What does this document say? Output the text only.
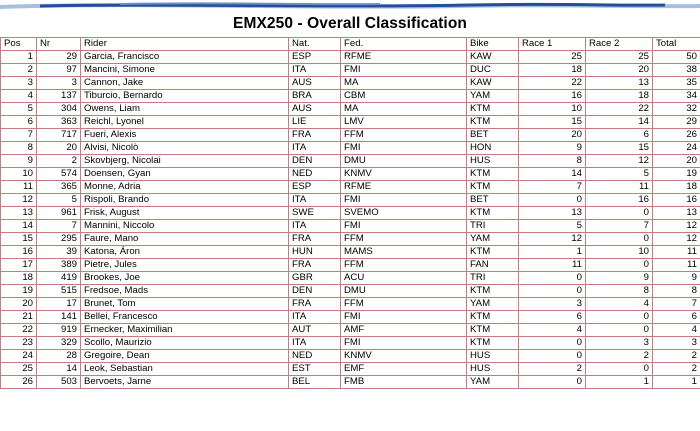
EMX250 - Overall Classification
Pos	Nr	Rider	Nat.	Fed.	Bike	Race 1	Race 2	Total
1	29	Garcia, Francisco	ESP	RFME	KAW	25	25	50
2	97	Mancini, Simone	ITA	FMI	DUC	18	20	38
3	3	Cannon, Jake	AUS	MA	KAW	22	13	35
4	137	Tiburcio, Bernardo	BRA	CBM	YAM	16	18	34
5	304	Owens, Liam	AUS	MA	KTM	10	22	32
6	363	Reichl, Lyonel	LIE	LMV	KTM	15	14	29
7	717	Fueri, Alexis	FRA	FFM	BET	20	6	26
8	20	Alvisi, Nicolò	ITA	FMI	HON	9	15	24
9	2	Skovbjerg, Nicolai	DEN	DMU	HUS	8	12	20
10	574	Doensen, Gyan	NED	KNMV	KTM	14	5	19
11	365	Monne, Adria	ESP	RFME	KTM	7	11	18
12	5	Rispoli, Brando	ITA	FMI	BET	0	16	16
13	961	Frisk, August	SWE	SVEMO	KTM	13	0	13
14	7	Mannini, Niccolo	ITA	FMI	TRI	5	7	12
15	295	Faure, Mano	FRA	FFM	YAM	12	0	12
16	39	Katona, Áron	HUN	MAMS	KTM	1	10	11
17	389	Pietre, Jules	FRA	FFM	FAN	11	0	11
18	419	Brookes, Joe	GBR	ACU	TRI	0	9	9
19	515	Fredsoe, Mads	DEN	DMU	KTM	0	8	8
20	17	Brunet, Tom	FRA	FFM	YAM	3	4	7
21	141	Bellei, Francesco	ITA	FMI	KTM	6	0	6
22	919	Ernecker, Maximilian	AUT	AMF	KTM	4	0	4
23	329	Scollo, Maurizio	ITA	FMI	KTM	0	3	3
24	28	Gregoire, Dean	NED	KNMV	HUS	0	2	2
25	14	Leok, Sebastian	EST	EMF	HUS	2	0	2
26	503	Bervoets, Jarne	BEL	FMB	YAM	0	1	1
